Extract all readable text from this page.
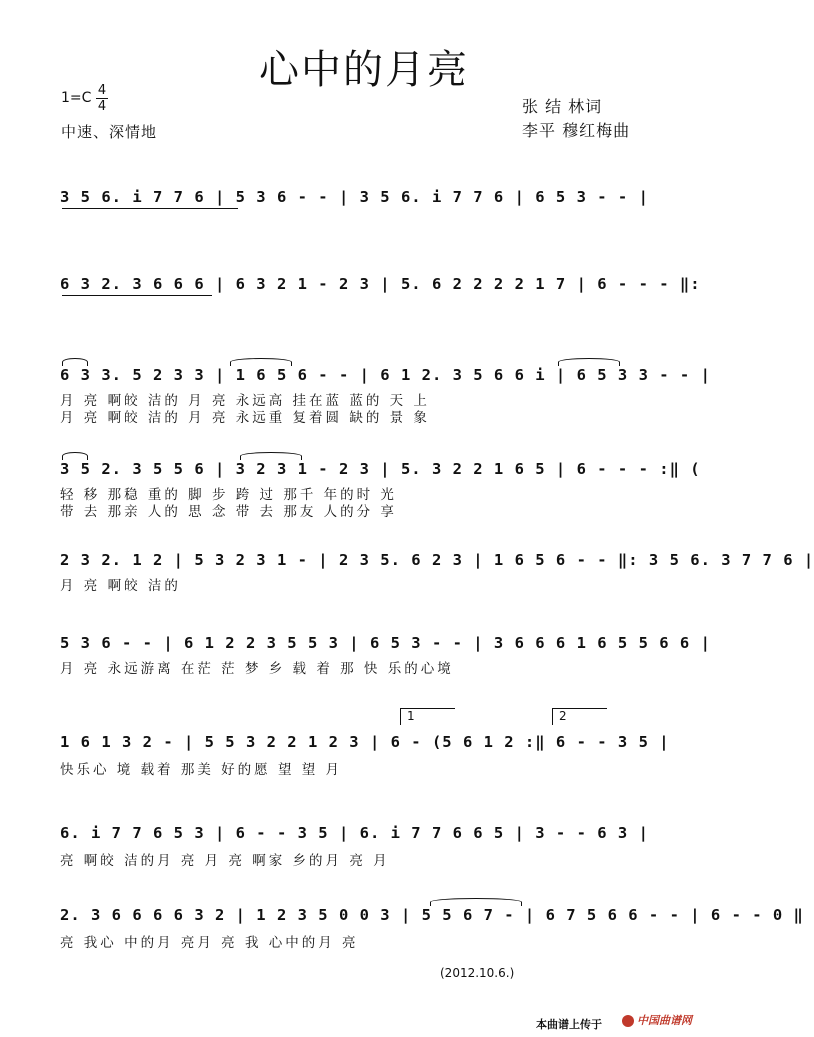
心中的月亮
1=C 4
4
中速、深情地
张 结 林词
李平 穆红梅曲
3 5 6. i 7 7 6 | 5 3 6 - - | 3 5 6. i 7 7 6 | 6 5 3 - - |
6 3 2. 3 6 6 6 | 6 3 2 1 - 2 3 | 5. 6 2 2 2 2 1 7 | 6 - - - ‖:
6 3 3. 5 2 3 3 | 1 6 5 6 - - | 6 1 2. 3 5 6 6 i | 6 5 3 3 - - |
月 亮 啊皎 洁的 月 亮 永远高 挂在蓝 蓝的 天 上
月 亮 啊皎 洁的 月 亮 永远重 复着圆 缺的 景 象
3 5 2. 3 5 5 6 | 3 2 3 1 - 2 3 | 5. 3 2 2 1 6 5 | 6 - - - :‖ (
轻 移 那稳 重的 脚 步 跨 过 那千 年的时 光
带 去 那亲 人的 思 念 带 去 那友 人的分 享
2 3 2. 1 2 | 5 3 2 3 1 - | 2 3 5. 6 2 3 | 1 6 5 6 - - ‖: 3 5 6. 3 7 7 6 |
月 亮 啊皎 洁的
5 3 6 - - | 6 1 2 2 3 5 5 3 | 6 5 3 - - | 3 6 6 6 1 6 5 5 6 6 |
月 亮 永远游离 在茫 茫 梦 乡 载 着 那 快 乐的心境
1	2
1 6 1 3 2 - | 5 5 3 2 2 1 2 3 | 6 - (5 6 1 2 :‖ 6 - - 3 5 |
快乐心 境 载着 那美 好的愿 望 望 月
6. i 7 7 6 5 3 | 6 - - 3 5 | 6. i 7 7 6 6 5 | 3 - - 6 3 |
亮 啊皎 洁的月 亮 月 亮 啊家 乡的月 亮 月
2. 3 6 6 6 6 3 2 | 1 2 3 5 0 0 3 | 5 5 6 7 - | 6 7 5 6 6 - - | 6 - - 0 ‖
亮 我心 中的月 亮月 亮 我 心中的月 亮
(2012.10.6.)
本曲谱上传于	中国曲谱网
